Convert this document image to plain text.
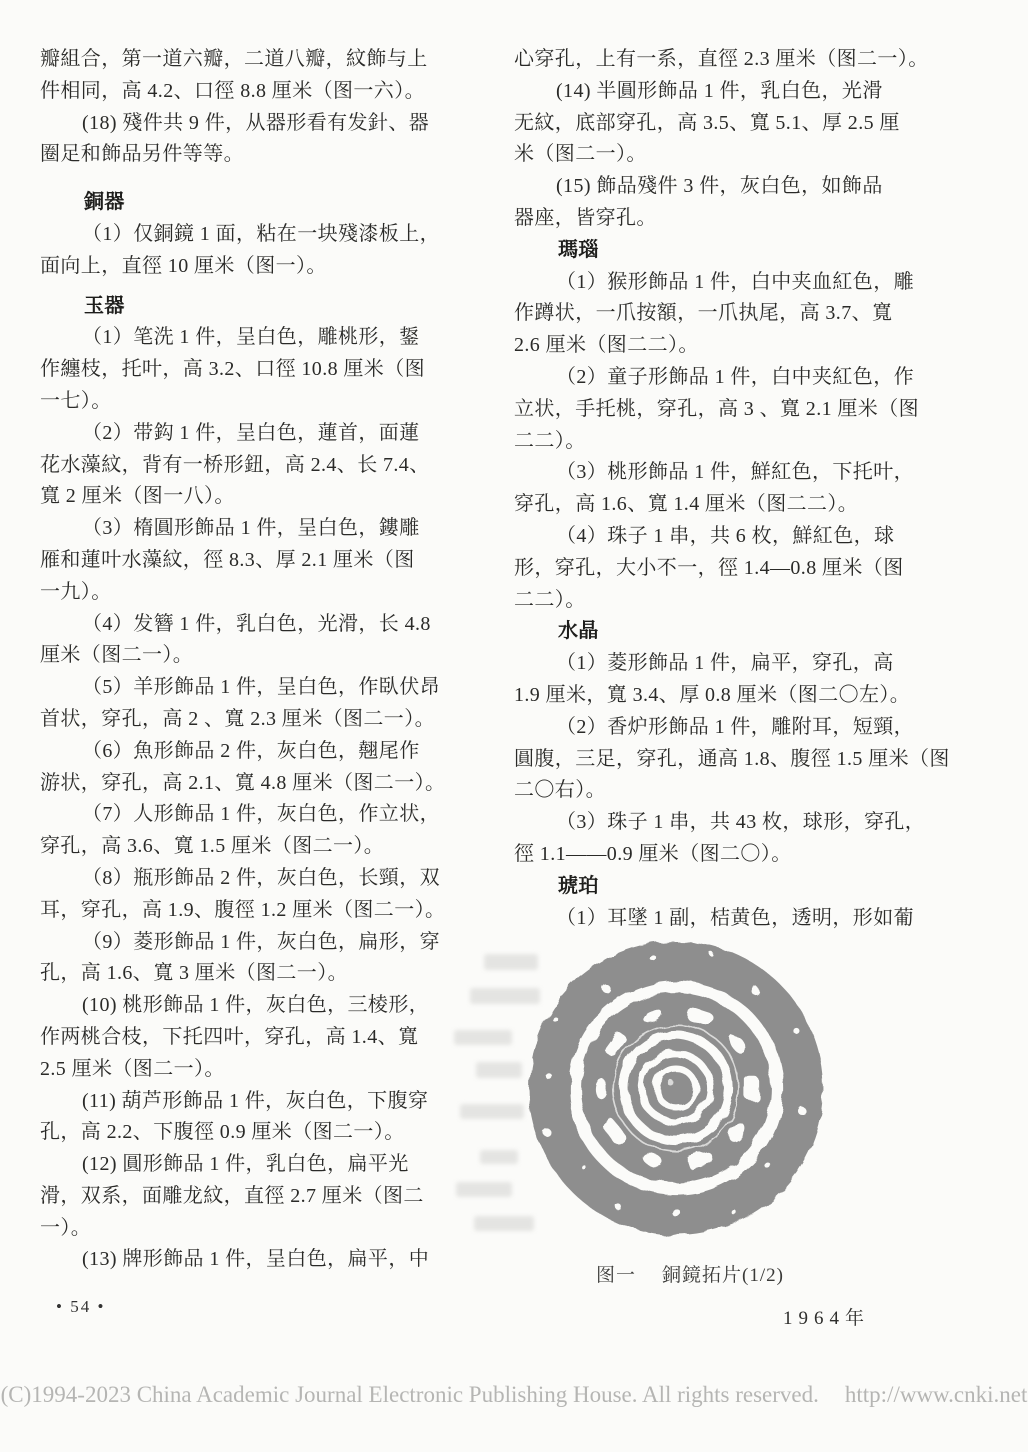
瓣組合，第一道六瓣，二道八瓣，紋飾与上
件相同，高 4.2、口徑 8.8 厘米（图一六）。
(18) 殘件共 9 件，从器形看有发針、器
圈足和飾品另件等等。
銅器
（1）仅銅鏡 1 面，粘在一块殘漆板上，
面向上，直徑 10 厘米（图一）。
玉器
（1）笔洗 1 件，呈白色，雕桃形，鋬
作纏枝，托叶，高 3.2、口徑 10.8 厘米（图
一七）。
（2）带鈎 1 件，呈白色，蓮首，面蓮
花水藻紋，背有一桥形鈕，高 2.4、长 7.4、
寬 2 厘米（图一八）。
（3）楕圓形飾品 1 件，呈白色，鏤雕
雁和蓮叶水藻紋，徑 8.3、厚 2.1 厘米（图
一九）。
（4）发簪 1 件，乳白色，光滑，长 4.8
厘米（图二一）。
（5）羊形飾品 1 件，呈白色，作臥伏昂
首状，穿孔，高 2 、寬 2.3 厘米（图二一）。
（6）魚形飾品 2 件，灰白色，翹尾作
游状，穿孔，高 2.1、寬 4.8 厘米（图二一）。
（7）人形飾品 1 件，灰白色，作立状，
穿孔，高 3.6、寬 1.5 厘米（图二一）。
（8）瓶形飾品 2 件，灰白色，长頸，双
耳，穿孔，高 1.9、腹徑 1.2 厘米（图二一）。
（9）菱形飾品 1 件，灰白色，扁形，穿
孔，高 1.6、寬 3 厘米（图二一）。
(10) 桃形飾品 1 件，灰白色，三棱形，
作两桃合枝，下托四叶，穿孔，高 1.4、寬
2.5 厘米（图二一）。
(11) 葫芦形飾品 1 件，灰白色，下腹穿
孔，高 2.2、下腹徑 0.9 厘米（图二一）。
(12) 圓形飾品 1 件，乳白色，扁平光
滑，双系，面雕龙紋，直徑 2.7 厘米（图二
一）。
(13) 牌形飾品 1 件，呈白色，扁平，中
心穿孔，上有一系，直徑 2.3 厘米（图二一）。
(14) 半圓形飾品 1 件，乳白色，光滑
无紋，底部穿孔，高 3.5、寬 5.1、厚 2.5 厘
米（图二一）。
(15) 飾品殘件 3 件，灰白色，如飾品
器座，皆穿孔。
瑪瑙
（1）猴形飾品 1 件，白中夹血紅色，雕
作蹲状，一爪按額，一爪执尾，高 3.7、寬
2.6 厘米（图二二）。
（2）童子形飾品 1 件，白中夹紅色，作
立状，手托桃，穿孔，高 3 、寬 2.1 厘米（图
二二）。
（3）桃形飾品 1 件，鮮紅色，下托叶，
穿孔，高 1.6、寬 1.4 厘米（图二二）。
（4）珠子 1 串，共 6 枚，鮮紅色，球
形，穿孔，大小不一，徑 1.4—0.8 厘米（图
二二）。
水晶
（1）菱形飾品 1 件，扁平，穿孔，高
1.9 厘米，寬 3.4、厚 0.8 厘米（图二〇左）。
（2）香炉形飾品 1 件，雕附耳，短頸，
圓腹，三足，穿孔，通高 1.8、腹徑 1.5 厘米（图
二〇右）。
（3）珠子 1 串，共 43 枚，球形，穿孔，
徑 1.1——0.9 厘米（图二〇）。
琥珀
（1）耳墜 1 副，桔黄色，透明，形如葡
图一 銅鏡拓片(1/2)
• 54 •
1964年
(C)1994-2023 China Academic Journal Electronic Publishing House. All rights reserved. http://www.cnki.net
